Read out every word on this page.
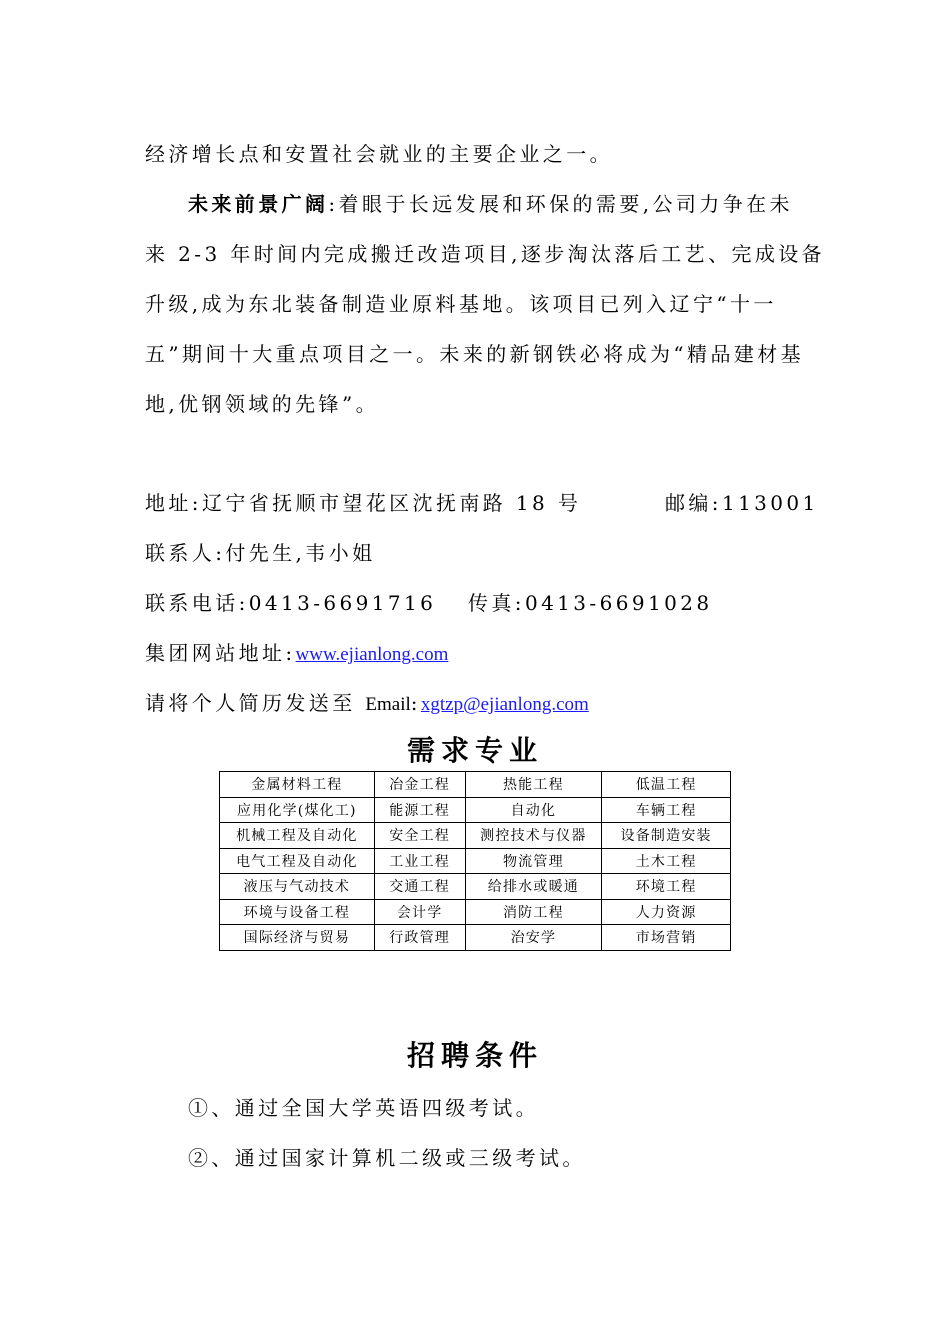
经济增长点和安置社会就业的主要企业之一。
未来前景广阔:着眼于长远发展和环保的需要,公司力争在未
来 2-3 年时间内完成搬迁改造项目,逐步淘汰落后工艺、完成设备
升级,成为东北装备制造业原料基地。该项目已列入辽宁“十一
五”期间十大重点项目之一。未来的新钢铁必将成为“精品建材基
地,优钢领域的先锋”。
地址:辽宁省抚顺市望花区沈抚南路 18 号	邮编:113001
联系人:付先生,韦小姐
联系电话:0413-6691716 传真:0413-6691028
集团网站地址:www.ejianlong.com
请将个人简历发送至 Email:xgtzp@ejianlong.com
需求专业
金属材料工程	冶金工程	热能工程	低温工程
应用化学(煤化工)	能源工程	自动化	车辆工程
机械工程及自动化	安全工程	测控技术与仪器	设备制造安装
电气工程及自动化	工业工程	物流管理	土木工程
液压与气动技术	交通工程	给排水或暖通	环境工程
环境与设备工程	会计学	消防工程	人力资源
国际经济与贸易	行政管理	治安学	市场营销
招聘条件
①、通过全国大学英语四级考试。
②、通过国家计算机二级或三级考试。
